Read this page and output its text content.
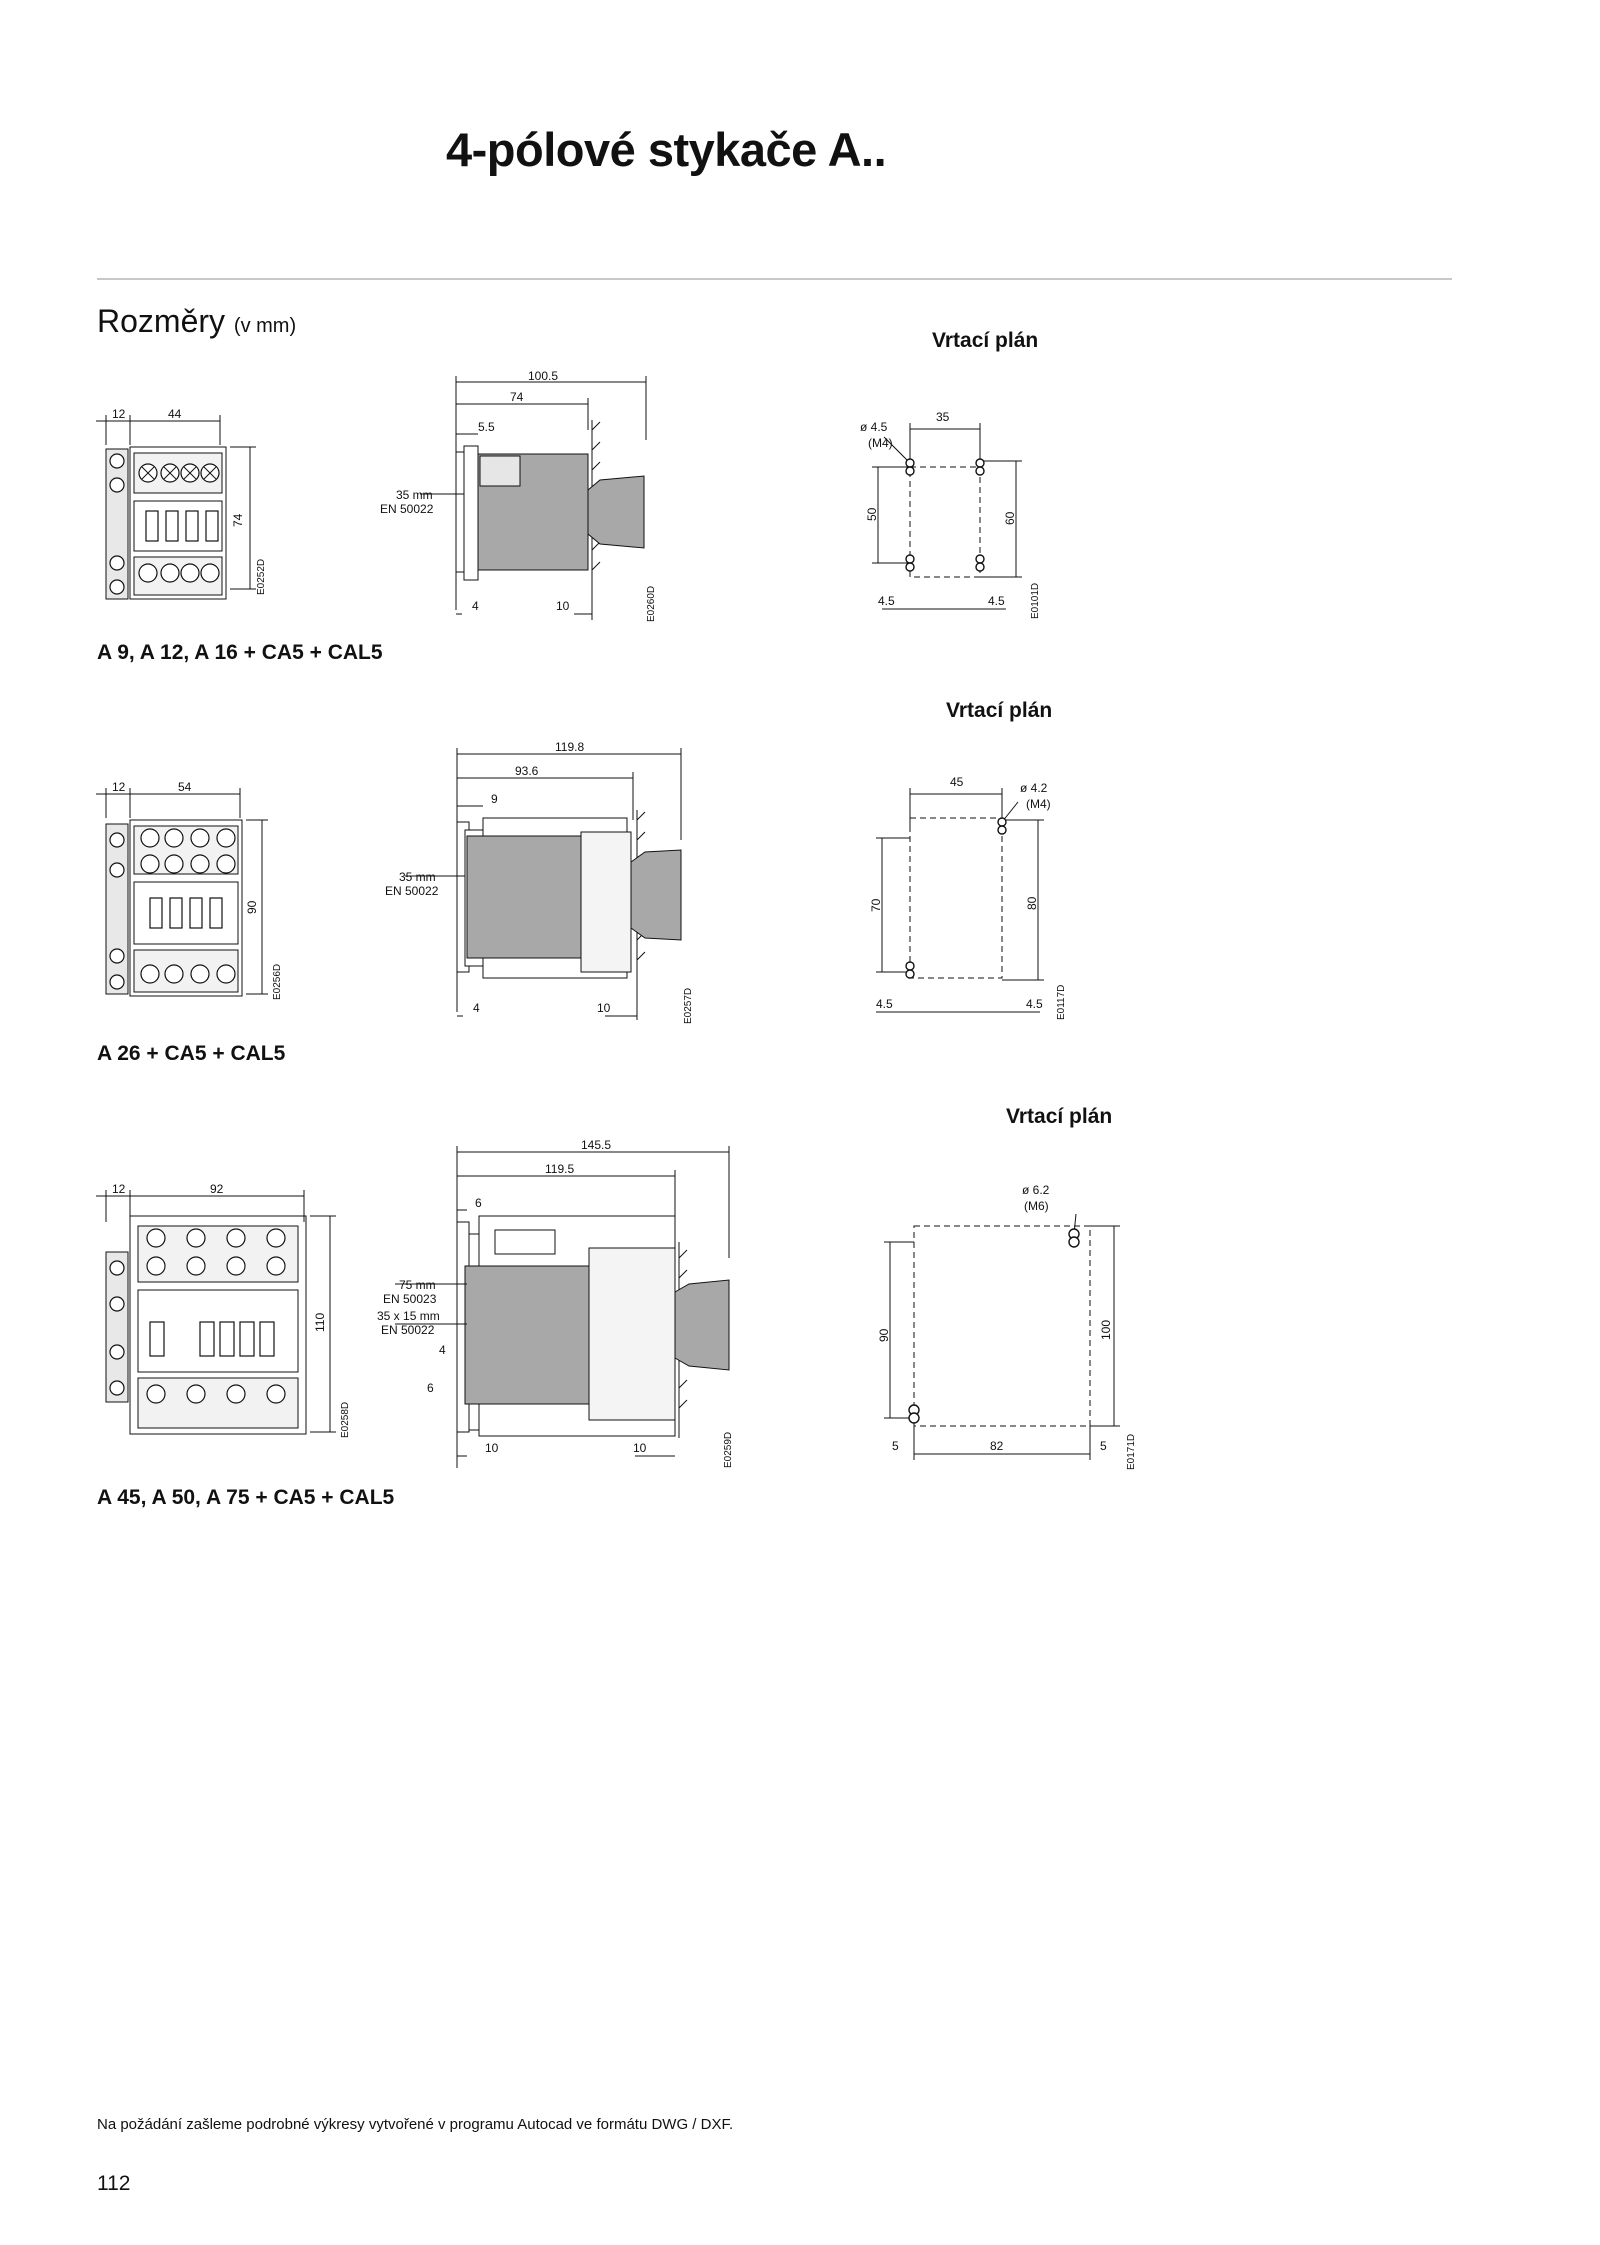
4-pólové stykače A..
Rozměry (v mm)
Vrtací plán
Vrtací plán
Vrtací plán
A 9, A 12, A 16 + CA5 + CAL5
A 26 + CA5 + CAL5
A 45, A 50, A 75 + CA5 + CAL5
12	44
74
E0252D
100.5
74
5.5
35 mm
EN 50022
4	10	E0260D
ø 4.5
(M4)
35
50	60
4.5	4.5	E0101D
12	54
90
E0256D
119.8
93.6
9
35 mm
EN 50022
4	10	E0257D
ø 4.2
(M4)
45
70	80
4.5	4.5 E0117D
12	92
110
E0258D
145.5
119.5
6
75 mm
EN 50023
35 x 15 mm
EN 50022
4
6
10	10	E0259D
ø 6.2
(M6)
82
90	100
5	5 E0171D
Na požádání zašleme podrobné výkresy vytvořené v programu Autocad ve formátu DWG / DXF.
112
